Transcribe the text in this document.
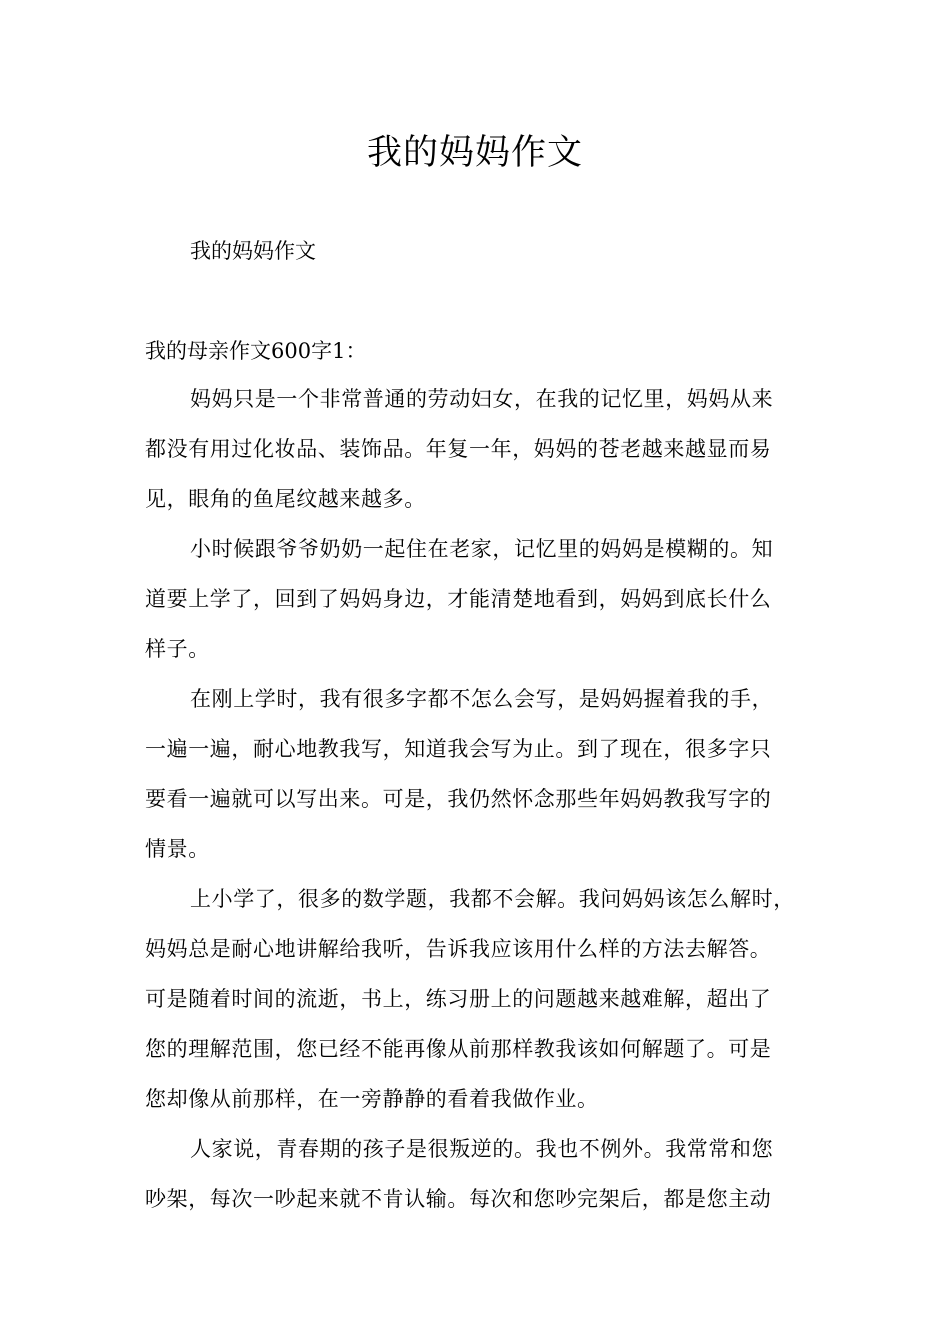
我的妈妈作文
我的妈妈作文
我的母亲作文600字1：
妈妈只是一个非常普通的劳动妇女，在我的记忆里，妈妈从来
都没有用过化妆品、装饰品。年复一年，妈妈的苍老越来越显而易
见，眼角的鱼尾纹越来越多。
小时候跟爷爷奶奶一起住在老家，记忆里的妈妈是模糊的。知
道要上学了，回到了妈妈身边，才能清楚地看到，妈妈到底长什么
样子。
在刚上学时，我有很多字都不怎么会写，是妈妈握着我的手，
一遍一遍，耐心地教我写，知道我会写为止。到了现在，很多字只
要看一遍就可以写出来。可是，我仍然怀念那些年妈妈教我写字的
情景。
上小学了，很多的数学题，我都不会解。我问妈妈该怎么解时，
妈妈总是耐心地讲解给我听，告诉我应该用什么样的方法去解答。
可是随着时间的流逝，书上，练习册上的问题越来越难解，超出了
您的理解范围，您已经不能再像从前那样教我该如何解题了。可是
您却像从前那样，在一旁静静的看着我做作业。
人家说，青春期的孩子是很叛逆的。我也不例外。我常常和您
吵架，每次一吵起来就不肯认输。每次和您吵完架后，都是您主动
